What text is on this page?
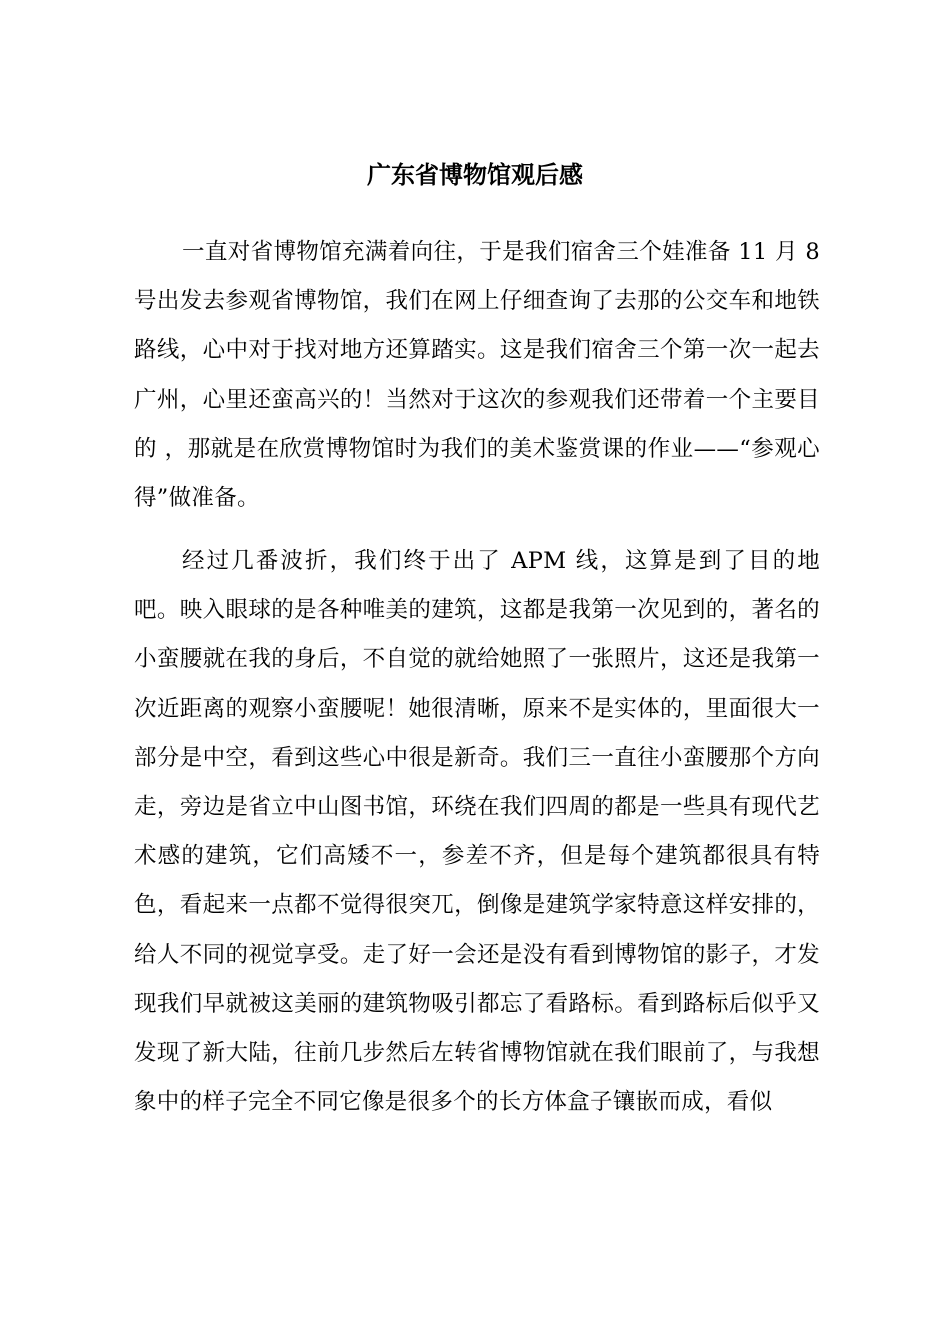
广东省博物馆观后感

一直对省博物馆充满着向往，于是我们宿舍三个娃准备 11 月 8 号出发去参观省博物馆，我们在网上仔细查询了去那的公交车和地铁路线，心中对于找对地方还算踏实。这是我们宿舍三个第一次一起去广州，心里还蛮高兴的！当然对于这次的参观我们还带着一个主要目的 ，那就是在欣赏博物馆时为我们的美术鉴赏课的作业——“参观心得”做准备。

经过几番波折，我们终于出了 APM 线，这算是到了目的地吧。映入眼球的是各种唯美的建筑，这都是我第一次见到的，著名的小蛮腰就在我的身后，不自觉的就给她照了一张照片，这还是我第一次近距离的观察小蛮腰呢！她很清晰，原来不是实体的，里面很大一部分是中空，看到这些心中很是新奇。我们三一直往小蛮腰那个方向走，旁边是省立中山图书馆，环绕在我们四周的都是一些具有现代艺术感的建筑，它们高矮不一，参差不齐，但是每个建筑都很具有特色，看起来一点都不觉得很突兀，倒像是建筑学家特意这样安排的，给人不同的视觉享受。走了好一会还是没有看到博物馆的影子，才发现我们早就被这美丽的建筑物吸引都忘了看路标。看到路标后似乎又发现了新大陆，往前几步然后左转省博物馆就在我们眼前了，与我想象中的样子完全不同它像是很多个的长方体盒子镶嵌而成，看似
